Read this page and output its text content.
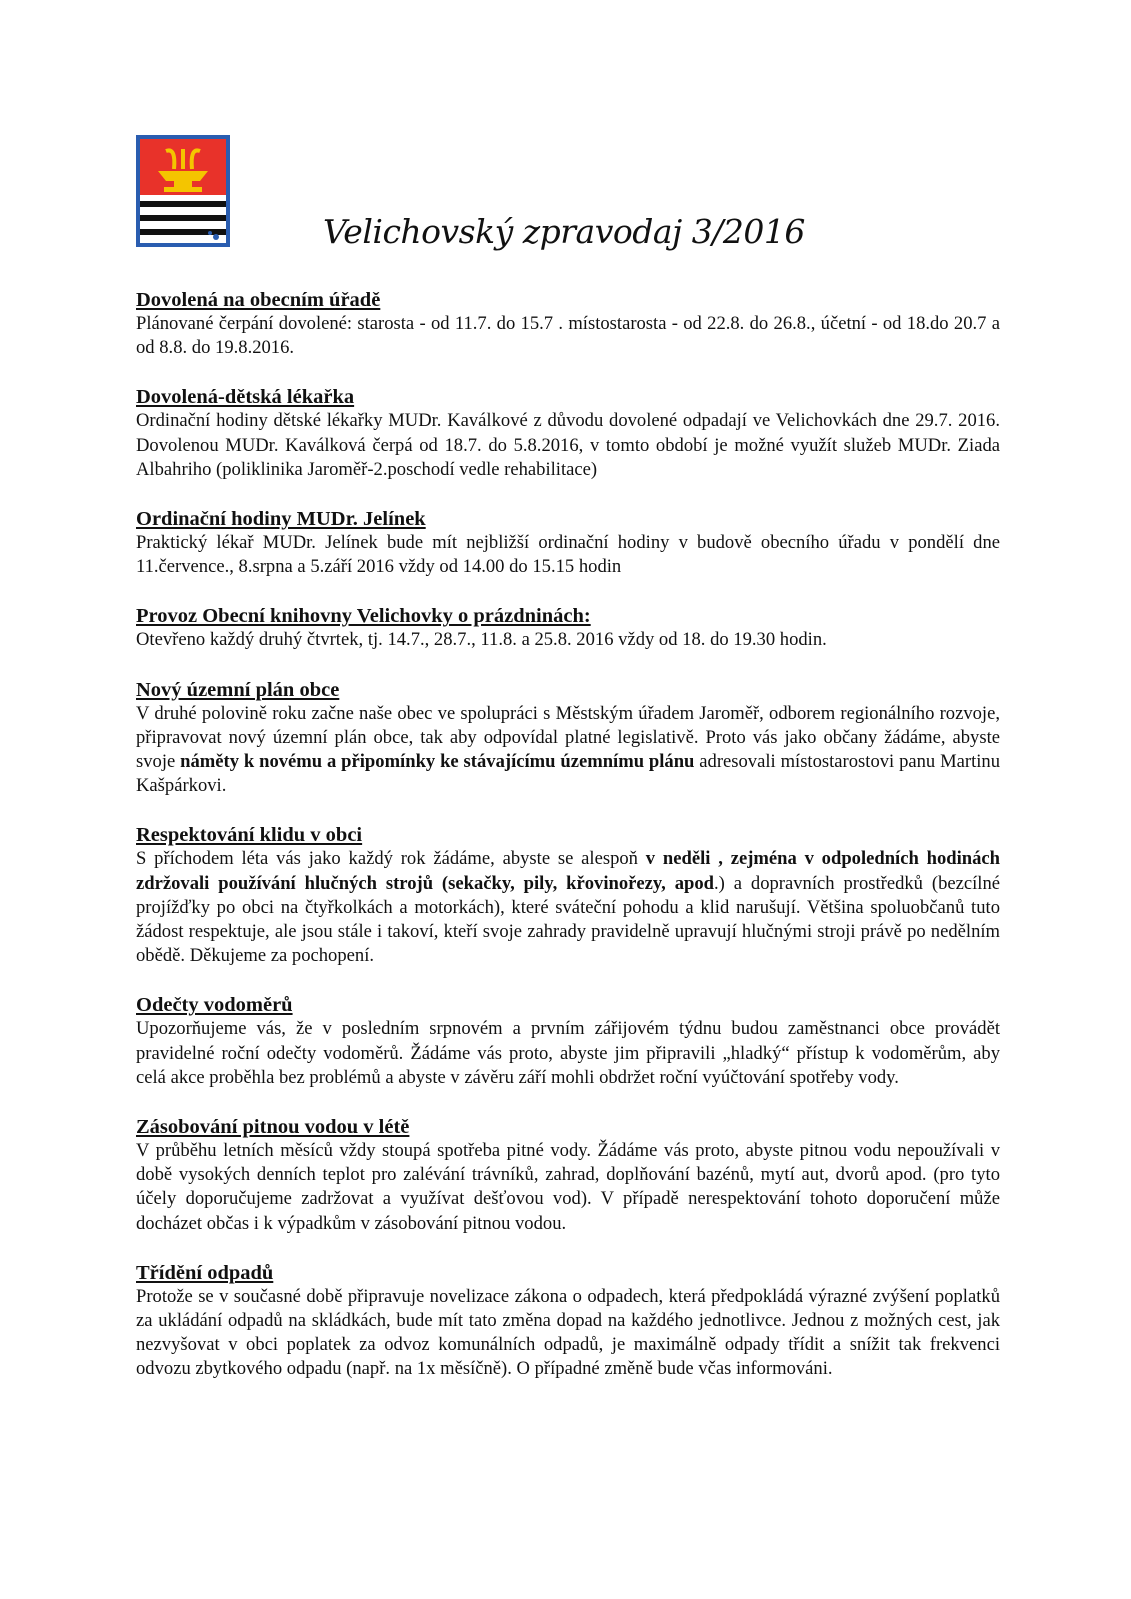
Velichovský zpravodaj 3/2016
Dovolená na obecním úřadě

Plánované čerpání dovolené: starosta - od 11.7. do 15.7 . místostarosta - od 22.8. do 26.8., účetní - od 18.do 20.7 a od 8.8. do 19.8.2016.

Dovolená-dětská lékařka

Ordinační hodiny dětské lékařky MUDr. Kaválkové z důvodu dovolené odpadají ve Velichovkách dne 29.7. 2016. Dovolenou MUDr. Kaválková čerpá od 18.7. do 5.8.2016, v tomto období je možné využít služeb MUDr. Ziada Albahriho (poliklinika Jaroměř-2.poschodí vedle rehabilitace)

Ordinační hodiny MUDr. Jelínek

Praktický lékař MUDr. Jelínek bude mít nejbližší ordinační hodiny v budově obecního úřadu v pondělí dne 11.července., 8.srpna a 5.září 2016 vždy od 14.00 do 15.15 hodin

Provoz Obecní knihovny Velichovky o prázdninách:

Otevřeno každý druhý čtvrtek, tj. 14.7., 28.7., 11.8. a 25.8. 2016 vždy od 18. do 19.30 hodin.

Nový územní plán obce

V druhé polovině roku začne naše obec ve spolupráci s Městským úřadem Jaroměř, odborem regionálního rozvoje, připravovat nový územní plán obce, tak aby odpovídal platné legislativě. Proto vás jako občany žádáme, abyste svoje náměty k novému a připomínky ke stávajícímu územnímu plánu adresovali místostarostovi panu Martinu Kašpárkovi.

Respektování klidu v obci

S příchodem léta vás jako každý rok žádáme, abyste se alespoň v neděli , zejména v odpoledních hodinách zdržovali používání hlučných strojů (sekačky, pily, křovinořezy, apod.) a dopravních prostředků (bezcílné projížďky po obci na čtyřkolkách a motorkách), které sváteční pohodu a klid narušují. Většina spoluobčanů tuto žádost respektuje, ale jsou stále i takoví, kteří svoje zahrady pravidelně upravují hlučnými stroji právě po nedělním obědě. Děkujeme za pochopení.

Odečty vodoměrů

Upozorňujeme vás, že v posledním srpnovém a prvním zářijovém týdnu budou zaměstnanci obce provádět pravidelné roční odečty vodoměrů. Žádáme vás proto, abyste jim připravili „hladký“ přístup k vodoměrům, aby celá akce proběhla bez problémů a abyste v závěru září mohli obdržet roční vyúčtování spotřeby vody.

Zásobování pitnou vodou v létě

V průběhu letních měsíců vždy stoupá spotřeba pitné vody. Žádáme vás proto, abyste pitnou vodu nepoužívali v době vysokých denních teplot pro zalévání trávníků, zahrad, doplňování bazénů, mytí aut, dvorů apod. (pro tyto účely doporučujeme zadržovat a využívat dešťovou vod). V případě nerespektování tohoto doporučení může docházet občas i k výpadkům v zásobování pitnou vodou.

Třídění odpadů

Protože se v současné době připravuje novelizace zákona o odpadech, která předpokládá výrazné zvýšení poplatků za ukládání odpadů na skládkách, bude mít tato změna dopad na každého jednotlivce. Jednou z možných cest, jak nezvyšovat v obci poplatek za odvoz komunálních odpadů, je maximálně odpady třídit a snížit tak frekvenci odvozu zbytkového odpadu (např. na 1x měsíčně). O případné změně bude včas informováni.
